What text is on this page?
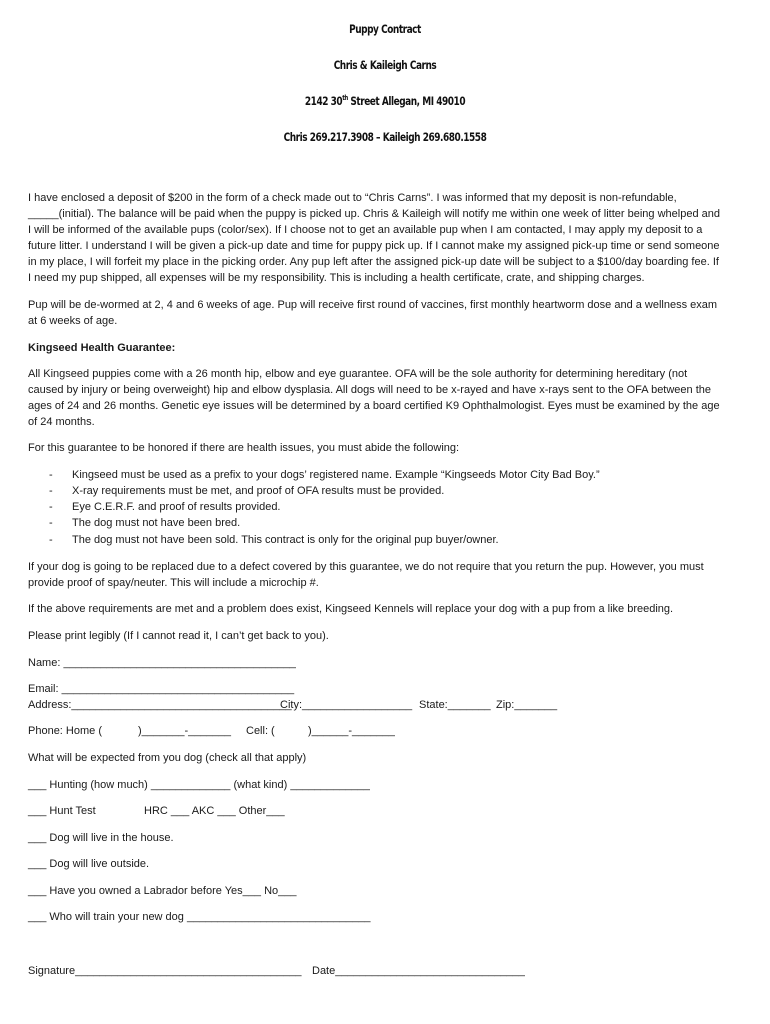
Puppy Contract
Chris & Kaileigh Carns
2142 30th Street Allegan, MI 49010
Chris 269.217.3908 – Kaileigh 269.680.1558
I have enclosed a deposit of $200 in the form of a check made out to “Chris Carns”. I was informed that my deposit is non-refundable,
_____(initial). The balance will be paid when the puppy is picked up. Chris & Kaileigh will notify me within one week of litter being whelped and
I will be informed of the available pups (color/sex). If I choose not to get an available pup when I am contacted, I may apply my deposit to a
future litter. I understand I will be given a pick-up date and time for puppy pick up. If I cannot make my assigned pick-up time or send someone
in my place, I will forfeit my place in the picking order. Any pup left after the assigned pick-up date will be subject to a $100/day boarding fee. If
I need my pup shipped, all expenses will be my responsibility. This is including a health certificate, crate, and shipping charges.
Pup will be de-wormed at 2, 4 and 6 weeks of age. Pup will receive first round of vaccines, first monthly heartworm dose and a wellness exam
at 6 weeks of age.
Kingseed Health Guarantee:
All Kingseed puppies come with a 26 month hip, elbow and eye guarantee. OFA will be the sole authority for determining hereditary (not
caused by injury or being overweight) hip and elbow dysplasia. All dogs will need to be x-rayed and have x-rays sent to the OFA between the
ages of 24 and 26 months. Genetic eye issues will be determined by a board certified K9 Ophthalmologist. Eyes must be examined by the age
of 24 months.
For this guarantee to be honored if there are health issues, you must abide the following:
- Kingseed must be used as a prefix to your dogs’ registered name. Example “Kingseeds Motor City Bad Boy.”
- X-ray requirements must be met, and proof of OFA results must be provided.
- Eye C.E.R.F. and proof of results provided.
- The dog must not have been bred.
- The dog must not have been sold. This contract is only for the original pup buyer/owner.
If your dog is going to be replaced due to a defect covered by this guarantee, we do not require that you return the pup. However, you must
provide proof of spay/neuter. This will include a microchip #.
If the above requirements are met and a problem does exist, Kingseed Kennels will replace your dog with a pup from a like breeding.
Please print legibly (If I cannot read it, I can’t get back to you).
Name: ______________________________________
Email: ______________________________________
Address:____________________________________
City:__________________ State:_______ Zip:_______
Phone: Home (	)_______-_______ Cell: (	)______-_______
What will be expected from you dog (check all that apply)
___ Hunting (how much) _____________ (what kind) _____________
___ Hunt Test	HRC ___ AKC ___ Other___
___ Dog will live in the house.
___ Dog will live outside.
___ Have you owned a Labrador before Yes___ No___
___ Who will train your new dog ______________________________
Signature_____________________________________ Date_______________________________
